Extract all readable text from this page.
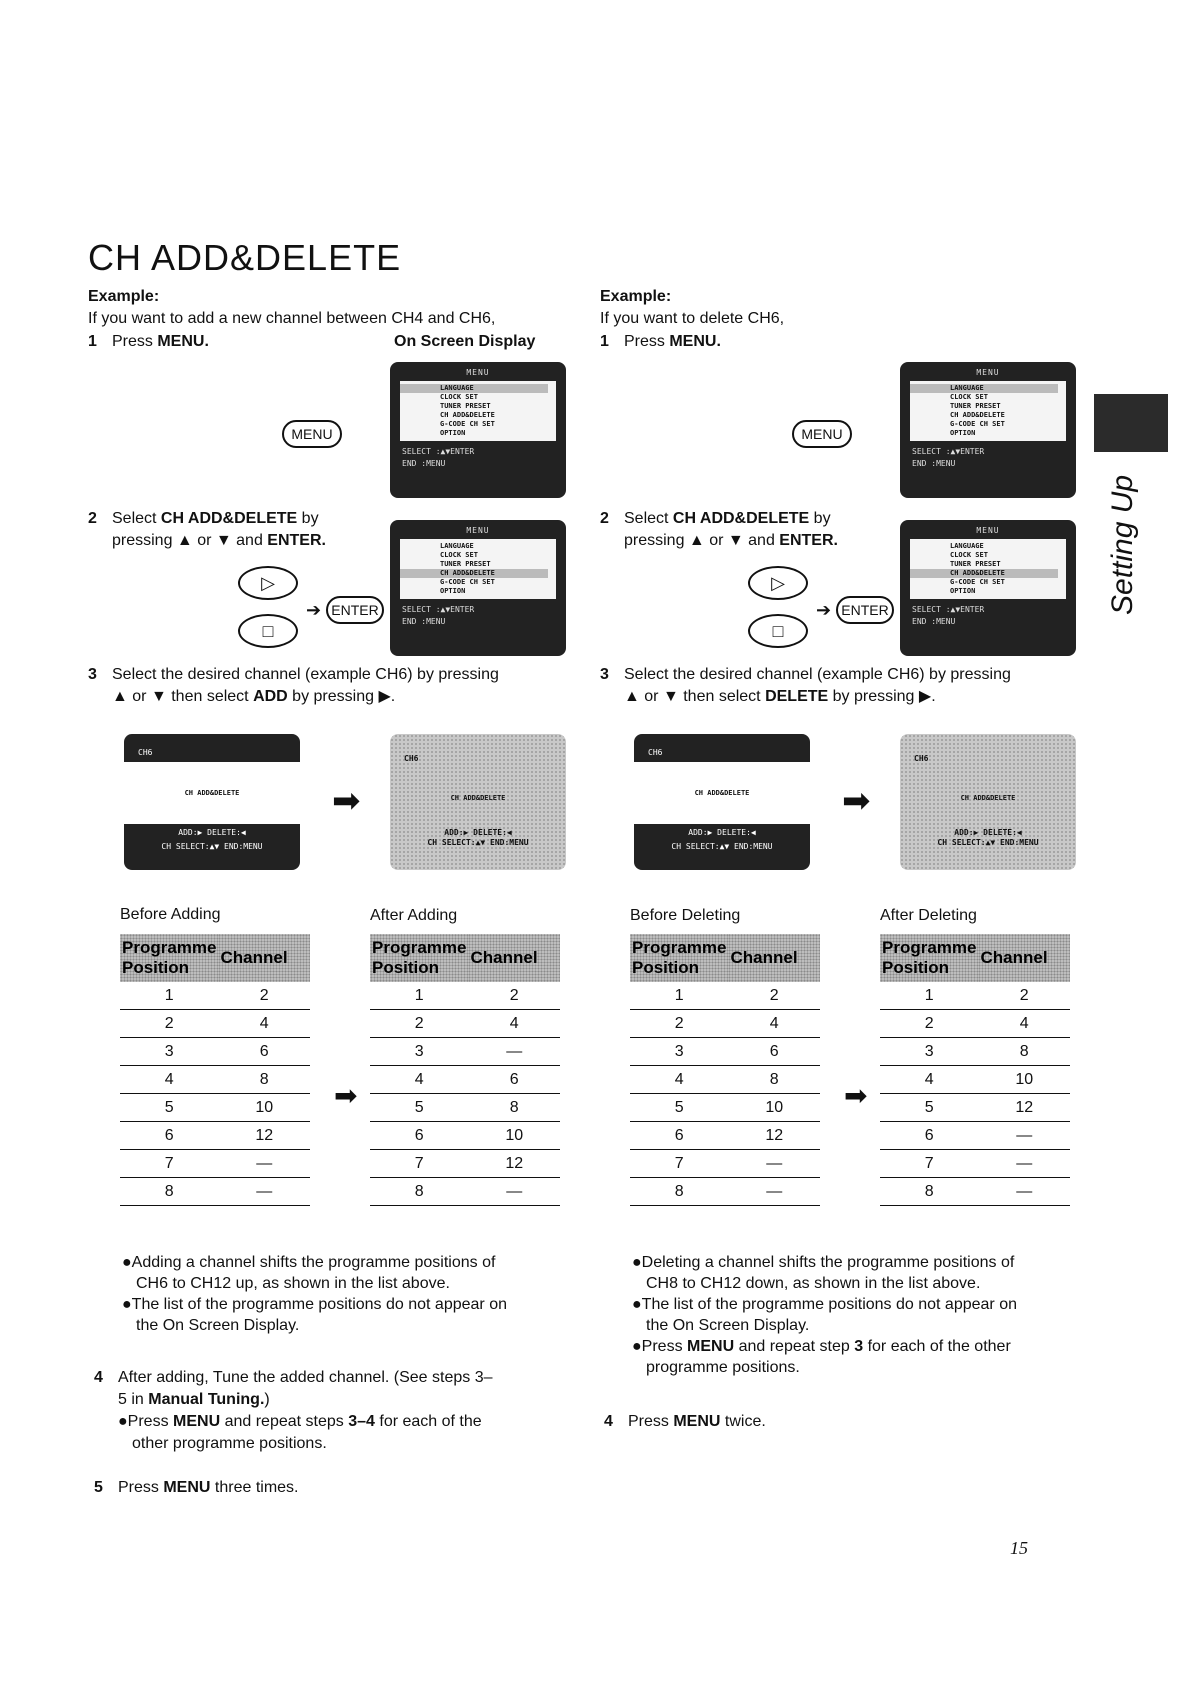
CH ADD&DELETE
Setting Up
Example:
If you want to add a new channel between CH4 and CH6,
1 Press MENU.	On Screen Display
MENU
MENU
LANGUAGE
CLOCK SET
TUNER PRESET
CH ADD&DELETE
G-CODE CH SET
OPTION
SELECT :▲▼ENTER
END :MENU
2 Select CH ADD&DELETE by
pressing ▲ or ▼ and ENTER.
▷
□
➔ ENTER
MENU
LANGUAGE
CLOCK SET
TUNER PRESET
CH ADD&DELETE
G-CODE CH SET
OPTION
SELECT :▲▼ENTER
END :MENU
3 Select the desired channel (example CH6) by pressing
▲ or ▼ then select ADD by pressing ▶.
CH6
CH ADD&DELETE
ADD:▶ DELETE:◀
CH SELECT:▲▼ END:MENU
➡
CH6
CH ADD&DELETE
ADD:▶ DELETE:◀
CH SELECT:▲▼ END:MENU
Before Adding	After Adding
Programme
Position	Channel
1	2
2	4
3	6
4	8
5	10
6	12
7	—
8	—
➡
Programme
Position	Channel
1	2
2	4
3	—
4	6
5	8
6	10
7	12
8	—
●Adding a channel shifts the programme positions of
CH6 to CH12 up, as shown in the list above.
●The list of the programme positions do not appear on
the On Screen Display.
4 After adding, Tune the added channel. (See steps 3–
5 in Manual Tuning.)
●Press MENU and repeat steps 3–4 for each of the
other programme positions.
5 Press MENU three times.
Example:
If you want to delete CH6,
1 Press MENU.
MENU
MENU
LANGUAGE
CLOCK SET
TUNER PRESET
CH ADD&DELETE
G-CODE CH SET
OPTION
SELECT :▲▼ENTER
END :MENU
2 Select CH ADD&DELETE by
pressing ▲ or ▼ and ENTER.
▷
□
➔ ENTER
MENU
LANGUAGE
CLOCK SET
TUNER PRESET
CH ADD&DELETE
G-CODE CH SET
OPTION
SELECT :▲▼ENTER
END :MENU
3 Select the desired channel (example CH6) by pressing
▲ or ▼ then select DELETE by pressing ▶.
CH6
CH ADD&DELETE
ADD:▶ DELETE:◀
CH SELECT:▲▼ END:MENU
➡
CH6
CH ADD&DELETE
ADD:▶ DELETE:◀
CH SELECT:▲▼ END:MENU
Before Deleting	After Deleting
Programme
Position	Channel
1	2
2	4
3	6
4	8
5	10
6	12
7	—
8	—
➡
Programme
Position	Channel
1	2
2	4
3	8
4	10
5	12
6	—
7	—
8	—
●Deleting a channel shifts the programme positions of
CH8 to CH12 down, as shown in the list above.
●The list of the programme positions do not appear on
the On Screen Display.
●Press MENU and repeat step 3 for each of the other
programme positions.
4 Press MENU twice.
15
